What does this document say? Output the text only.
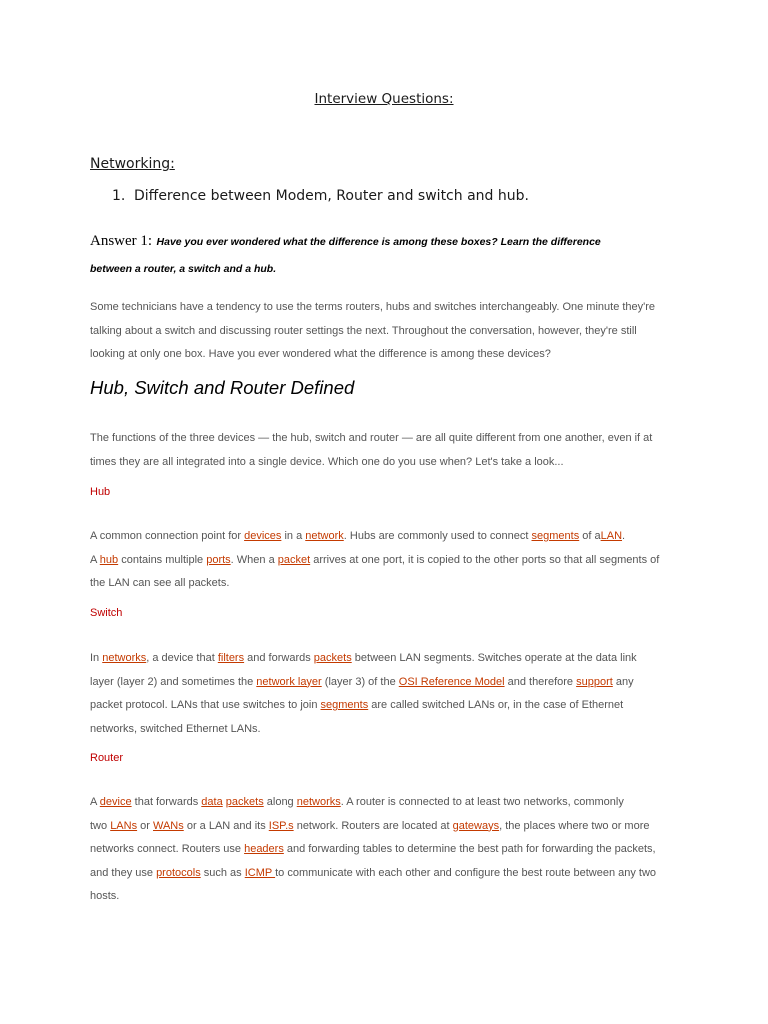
Interview Questions:
Networking:
1. Difference between Modem, Router and switch and hub.
Answer 1: Have you ever wondered what the difference is among these boxes? Learn the difference
between a router, a switch and a hub.
Some technicians have a tendency to use the terms routers, hubs and switches interchangeably. One minute they're
talking about a switch and discussing router settings the next. Throughout the conversation, however, they're still
looking at only one box. Have you ever wondered what the difference is among these devices?
Hub, Switch and Router Defined
The functions of the three devices — the hub, switch and router — are all quite different from one another, even if at
times they are all integrated into a single device. Which one do you use when? Let's take a look...
Hub
A common connection point for devices in a network. Hubs are commonly used to connect segments of aLAN.
A hub contains multiple ports. When a packet arrives at one port, it is copied to the other ports so that all segments of
the LAN can see all packets.
Switch
In networks, a device that filters and forwards packets between LAN segments. Switches operate at the data link
layer (layer 2) and sometimes the network layer (layer 3) of the OSI Reference Model and therefore support any
packet protocol. LANs that use switches to join segments are called switched LANs or, in the case of Ethernet
networks, switched Ethernet LANs.
Router
A device that forwards data packets along networks. A router is connected to at least two networks, commonly
two LANs or WANs or a LAN and its ISP.s network. Routers are located at gateways, the places where two or more
networks connect. Routers use headers and forwarding tables to determine the best path for forwarding the packets,
and they use protocols such as ICMP to communicate with each other and configure the best route between any two
hosts.
